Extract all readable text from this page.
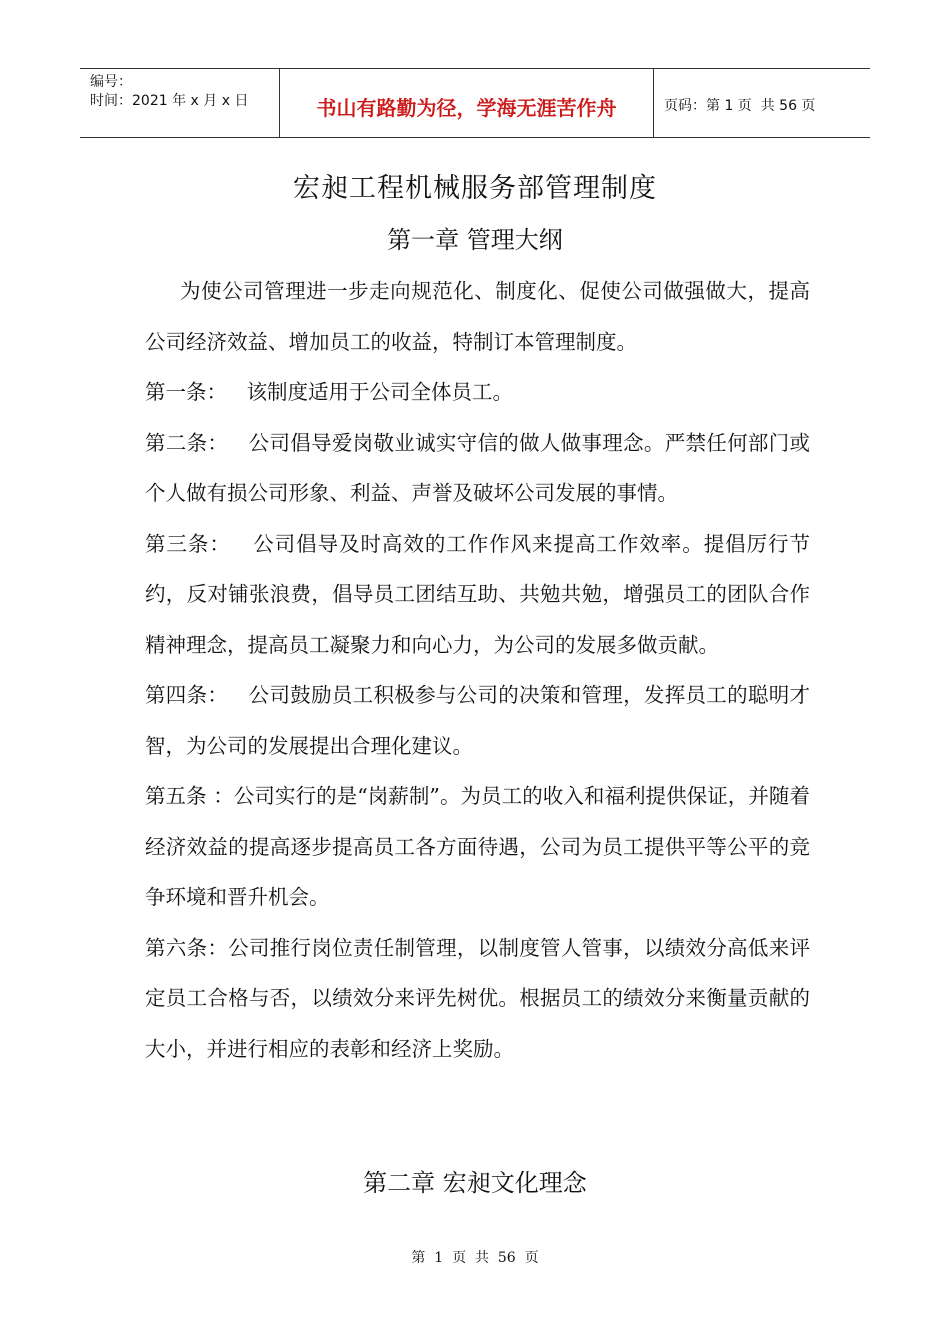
编号：
时间：2021 年 x 月 x 日	书山有路勤为径，学海无涯苦作舟	页码：第 1 页  共 56 页
宏昶工程机械服务部管理制度
第一章 管理大纲

为使公司管理进一步走向规范化、制度化、促使公司做强做大，提高公司经济效益、增加员工的收益，特制订本管理制度。

第一条：   该制度适用于公司全体员工。

第二条：   公司倡导爱岗敬业诚实守信的做人做事理念。严禁任何部门或个人做有损公司形象、利益、声誉及破坏公司发展的事情。

第三条：   公司倡导及时高效的工作作风来提高工作效率。提倡厉行节约，反对铺张浪费，倡导员工团结互助、共勉共勉，增强员工的团队合作精神理念，提高员工凝聚力和向心力，为公司的发展多做贡献。

第四条：   公司鼓励员工积极参与公司的决策和管理，发挥员工的聪明才智，为公司的发展提出合理化建议。

第五条 ：公司实行的是“岗薪制”。为员工的收入和福利提供保证，并随着经济效益的提高逐步提高员工各方面待遇，公司为员工提供平等公平的竞争环境和晋升机会。

第六条：公司推行岗位责任制管理，以制度管人管事，以绩效分高低来评定员工合格与否，以绩效分来评先树优。根据员工的绩效分来衡量贡献的大小，并进行相应的表彰和经济上奖励。

第二章 宏昶文化理念
第  1  页  共  56  页
